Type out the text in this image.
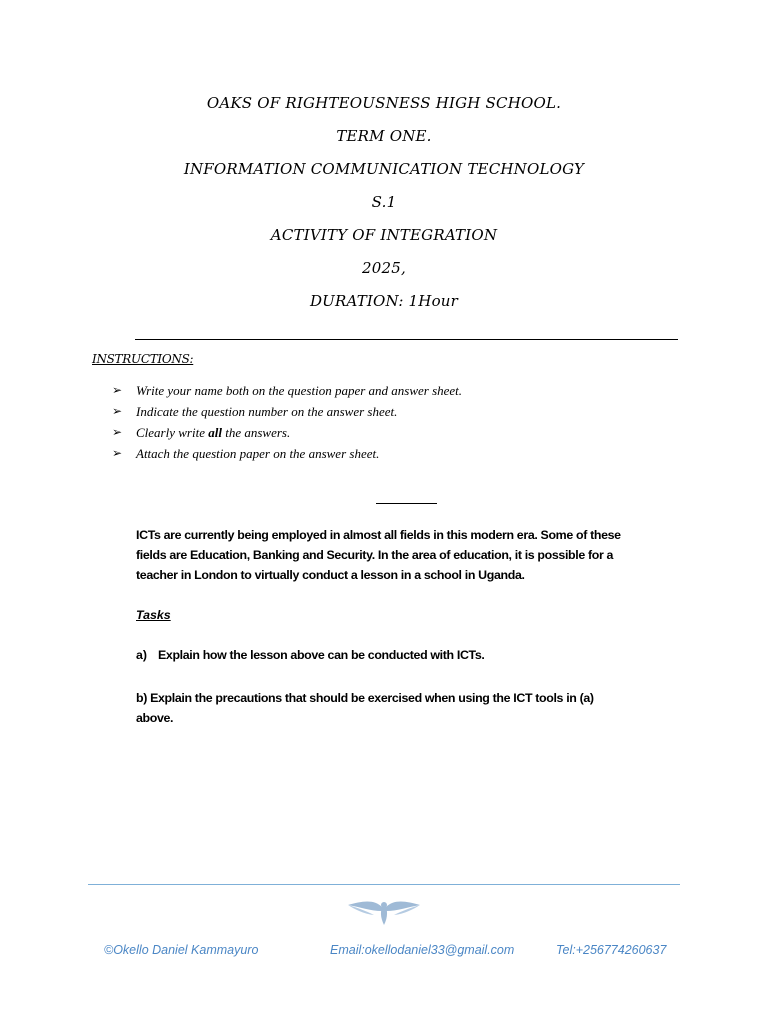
OAKS OF RIGHTEOUSNESS HIGH SCHOOL.
TERM ONE.
INFORMATION COMMUNICATION TECHNOLOGY
S.1
ACTIVITY OF INTEGRATION
2025,
DURATION: 1Hour
INSTRUCTIONS:
➢	Write your name both on the question paper and answer sheet.
➢	Indicate the question number on the answer sheet.
➢	Clearly write all the answers.
➢	Attach the question paper on the answer sheet.
ICTs are currently being employed in almost all fields in this modern era. Some of these
fields are Education, Banking and Security. In the area of education, it is possible for a
teacher in London to virtually conduct a lesson in a school in Uganda.
Tasks
a) Explain how the lesson above can be conducted with ICTs.
b) Explain the precautions that should be exercised when using the ICT tools in (a)
above.
©Okello Daniel Kammayuro	Email:okellodaniel33@gmail.com	Tel:+256774260637
